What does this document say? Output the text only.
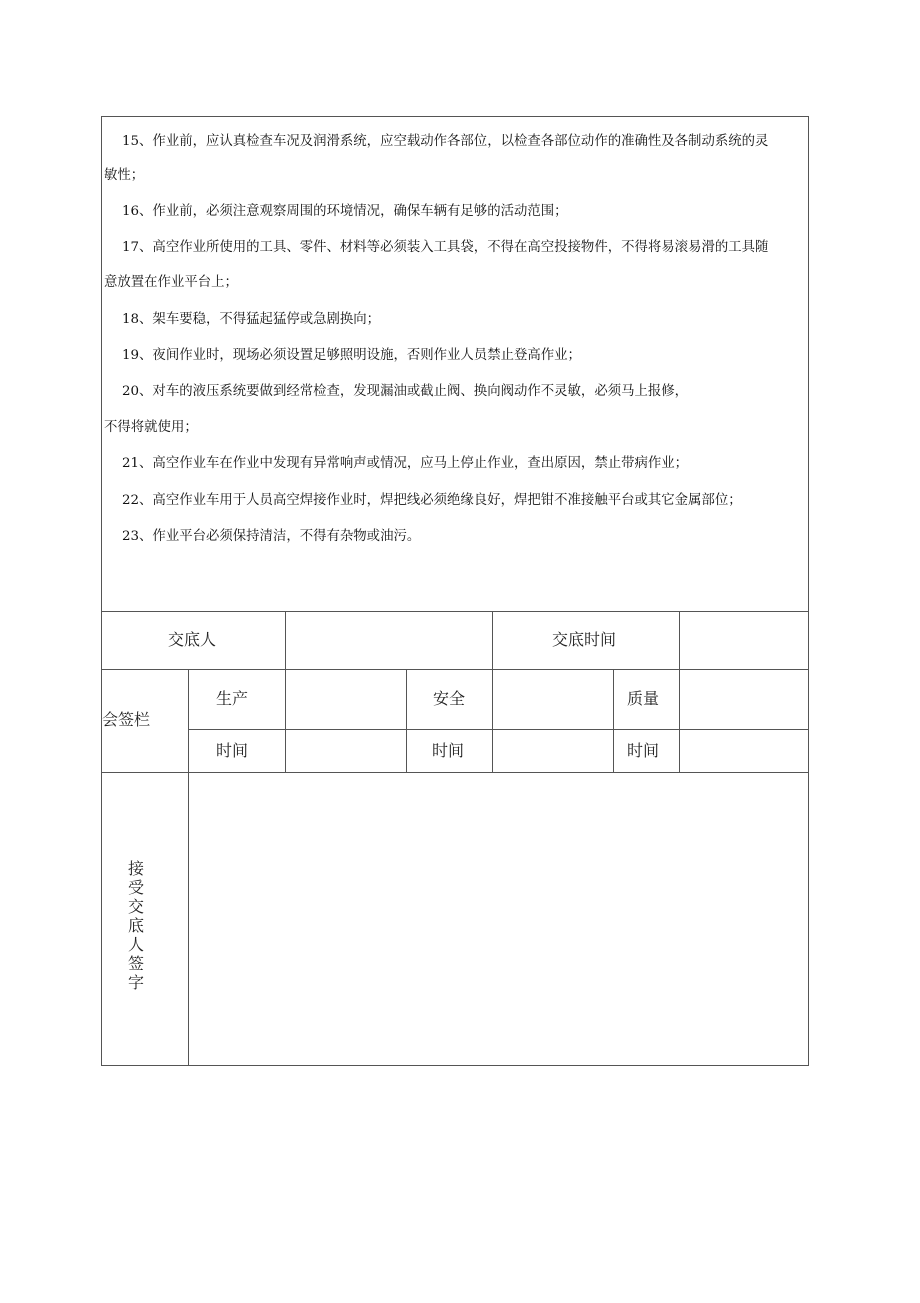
15、作业前，应认真检查车况及润滑系统，应空载动作各部位，以检查各部位动作的准确性及各制动系统的灵
敏性；
16、作业前，必须注意观察周围的环境情况，确保车辆有足够的活动范围；
17、高空作业所使用的工具、零件、材料等必须装入工具袋，不得在高空投接物件，不得将易滚易滑的工具随
意放置在作业平台上；
18、架车要稳，不得猛起猛停或急剧换向；
19、夜间作业时，现场必须设置足够照明设施，否则作业人员禁止登高作业；
20、对车的液压系统要做到经常检查，发现漏油或截止阀、换向阀动作不灵敏，必须马上报修，
不得将就使用；
21、高空作业车在作业中发现有异常响声或情况，应马上停止作业，查出原因，禁止带病作业；
22、高空作业车用于人员高空焊接作业时，焊把线必须绝缘良好，焊把钳不准接触平台或其它金属部位；
23、作业平台必须保持清洁，不得有杂物或油污。
交底人	交底时间
会签栏
生产	安全	质量
时间	时间	时间
接
受
交
底
人
签
字
